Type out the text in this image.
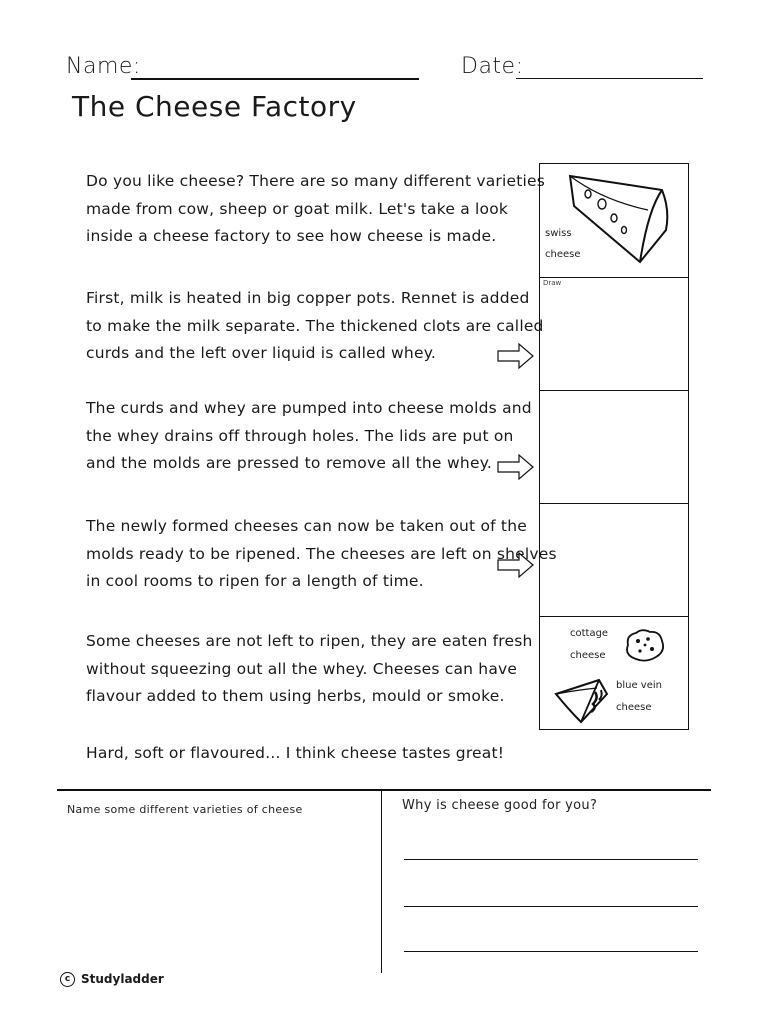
Name:	Date:
The Cheese Factory
Do you like cheese? There are so many different varieties
made from cow, sheep or goat milk. Let's take a look
inside a cheese factory to see how cheese is made.
First, milk is heated in big copper pots. Rennet is added
to make the milk separate. The thickened clots are called
curds and the left over liquid is called whey.
The curds and whey are pumped into cheese molds and
the whey drains off through holes. The lids are put on
and the molds are pressed to remove all the whey.
The newly formed cheeses can now be taken out of the
molds ready to be ripened. The cheeses are left on shelves
in cool rooms to ripen for a length of time.
Some cheeses are not left to ripen, they are eaten fresh
without squeezing out all the whey. Cheeses can have
flavour added to them using herbs, mould or smoke.
Hard, soft or flavoured... I think cheese tastes great!
swiss
cheese
Draw
cottage
cheese
blue vein
cheese
Name some different varieties of cheese	Why is cheese good for you?
c Studyladder
